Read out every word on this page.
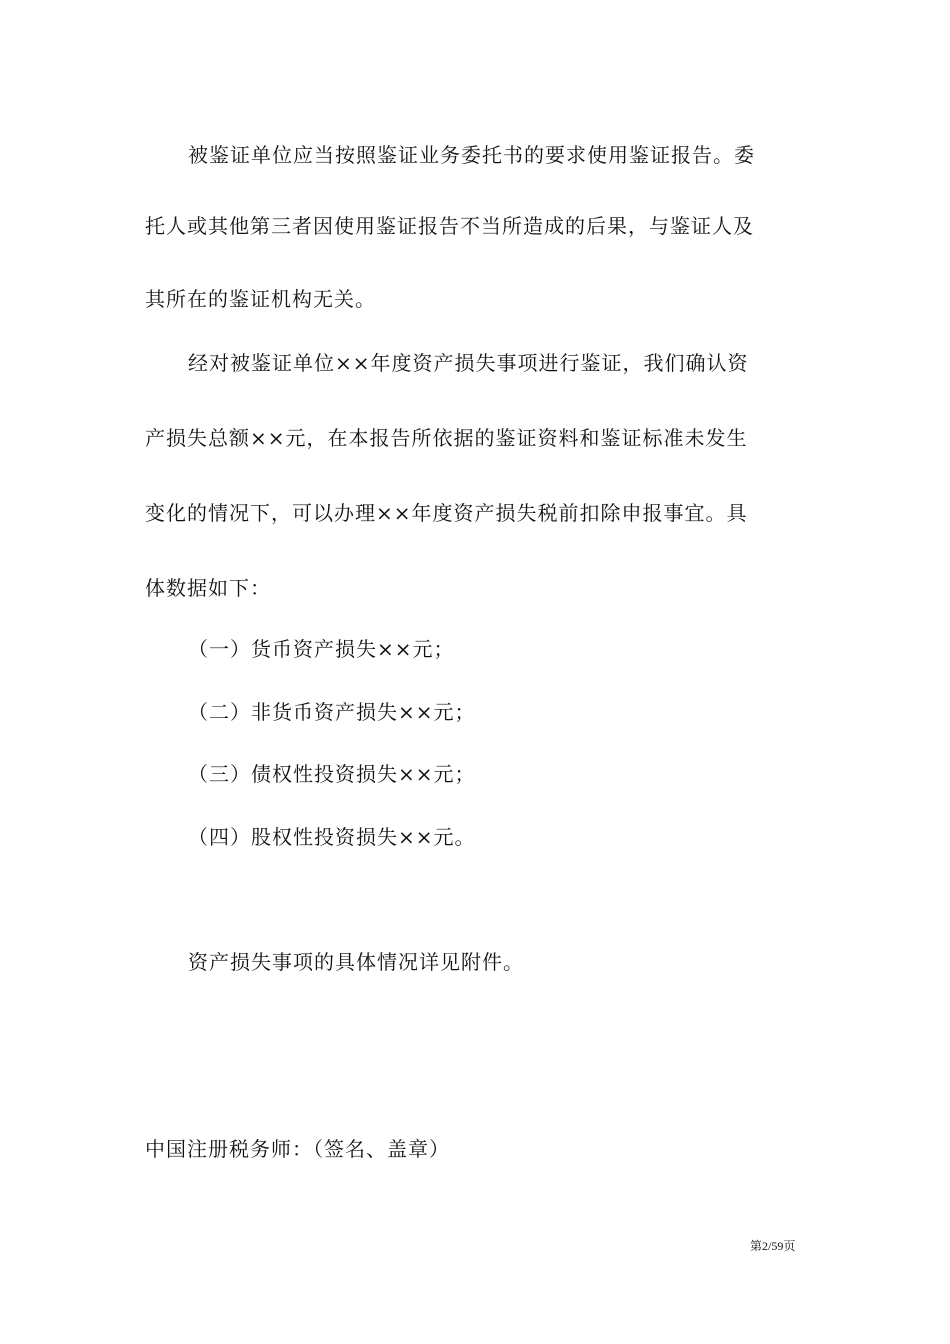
被鉴证单位应当按照鉴证业务委托书的要求使用鉴证报告。委
托人或其他第三者因使用鉴证报告不当所造成的后果，与鉴证人及
其所在的鉴证机构无关。
经对被鉴证单位××年度资产损失事项进行鉴证，我们确认资
产损失总额××元，在本报告所依据的鉴证资料和鉴证标准未发生
变化的情况下，可以办理××年度资产损失税前扣除申报事宜。具
体数据如下：
（一）货币资产损失××元；
（二）非货币资产损失××元；
（三）债权性投资损失××元；
（四）股权性投资损失××元。
资产损失事项的具体情况详见附件。
中国注册税务师：（签名、盖章）
第2/59页
